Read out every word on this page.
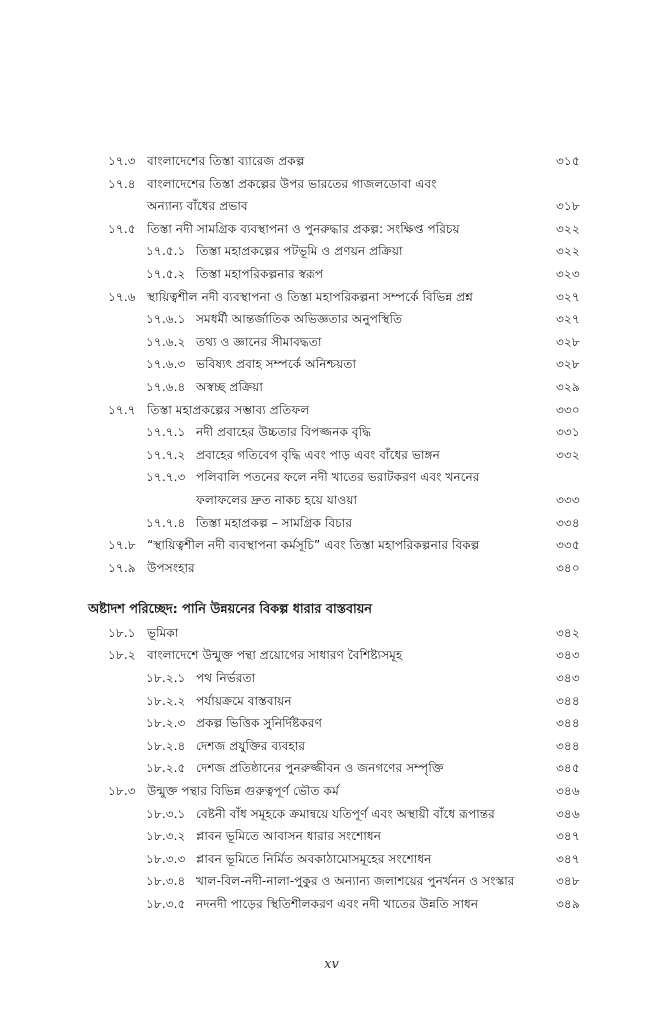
১৭.৩ বাংলাদেশের তিস্তা ব্যারেজ প্রকল্প	৩১৫
১৭.৪ বাংলাদেশের তিস্তা প্রকল্পের উপর ভারতের গাজলডোবা এবং
অন্যান্য বাঁধের প্রভাব	৩১৮
১৭.৫ তিস্তা নদী সামগ্রিক ব্যবস্থাপনা ও পুনরুদ্ধার প্রকল্প: সংক্ষিপ্ত পরিচয়	৩২২
১৭.৫.১ তিস্তা মহাপ্রকল্পের পটভূমি ও প্রণয়ন প্রক্রিয়া	৩২২
১৭.৫.২ তিস্তা মহাপরিকল্পনার স্বরূপ	৩২৩
১৭.৬ স্থায়িত্বশীল নদী ব্যবস্থাপনা ও তিস্তা মহাপরিকল্পনা সম্পর্কে বিভিন্ন প্রশ্ন	৩২৭
১৭.৬.১ সমধর্মী আন্তর্জাতিক অভিজ্ঞতার অনুপস্থিতি	৩২৭
১৭.৬.২ তথ্য ও জ্ঞানের সীমাবদ্ধতা	৩২৮
১৭.৬.৩ ভবিষ্যৎ প্রবাহ সম্পর্কে অনিশ্চয়তা	৩২৮
১৭.৬.৪ অস্বচ্ছ প্রক্রিয়া	৩২৯
১৭.৭ তিস্তা মহাপ্রকল্পের সম্ভাব্য প্রতিফল	৩৩০
১৭.৭.১ নদী প্রবাহের উচ্চতার বিপজ্জনক বৃদ্ধি	৩৩১
১৭.৭.২ প্রবাহের গতিবেগ বৃদ্ধি এবং পাড় এবং বাঁধের ভাঙ্গন	৩৩২
১৭.৭.৩ পলিবালি পতনের ফলে নদী খাতের ভরাটকরণ এবং খননের
ফলাফলের দ্রুত নাকচ হয়ে যাওয়া	৩৩৩
১৭.৭.৪ তিস্তা মহাপ্রকল্প – সামগ্রিক বিচার	৩৩৪
১৭.৮ “স্থায়িত্বশীল নদী ব্যবস্থাপনা কর্মসূচি” এবং তিস্তা মহাপরিকল্পনার বিকল্প	৩৩৫
১৭.৯ উপসংহার	৩৪০
অষ্টাদশ পরিচ্ছেদ: পানি উন্নয়নের বিকল্প ধারার বাস্তবায়ন
১৮.১ ভূমিকা	৩৪২
১৮.২ বাংলাদেশে উন্মুক্ত পন্থা প্রয়োগের সাধারণ বৈশিষ্ট্যসমূহ	৩৪৩
১৮.২.১ পথ নির্ভরতা	৩৪৩
১৮.২.২ পর্যায়ক্রমে বাস্তবায়ন	৩৪৪
১৮.২.৩ প্রকল্প ভিত্তিক সুনির্দিষ্টকরণ	৩৪৪
১৮.২.৪ দেশজ প্রযুক্তির ব্যবহার	৩৪৪
১৮.২.৫ দেশজ প্রতিষ্ঠানের পুনরুজ্জীবন ও জনগণের সম্পৃক্তি	৩৪৫
১৮.৩ উন্মুক্ত পন্থার বিভিন্ন গুরুত্বপূর্ণ ভৌত কর্ম	৩৪৬
১৮.৩.১ বেষ্টনী বাঁধ সমূহকে ক্রমান্বয়ে যতিপূর্ণ এবং অস্থায়ী বাঁধে রূপান্তর	৩৪৬
১৮.৩.২ প্লাবন ভূমিতে আবাসন ধারার সংশোধন	৩৪৭
১৮.৩.৩ প্লাবন ভূমিতে নির্মিত অবকাঠামোসমূহের সংশোধন	৩৪৭
১৮.৩.৪ খাল-বিল-নদী-নালা-পুকুর ও অন্যান্য জলাশয়ের পুনর্খনন ও সংস্কার	৩৪৮
১৮.৩.৫ নদনদী পাড়ের স্থিতিশীলকরণ এবং নদী খাতের উন্নতি সাধন	৩৪৯
xv
